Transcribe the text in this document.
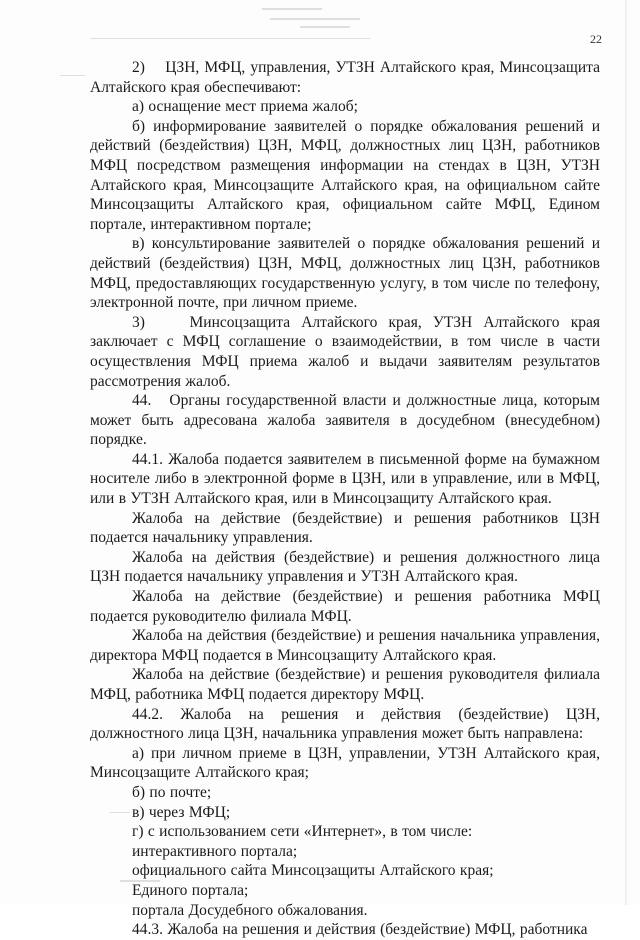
22

2)    ЦЗН, МФЦ, управления, УТЗН Алтайского края, Минсоцзащита Алтайского края обеспечивают:

а) оснащение мест приема жалоб;

б) информирование заявителей о порядке обжалования решений и действий (бездействия) ЦЗН, МФЦ, должностных лиц ЦЗН, работников МФЦ посредством размещения информации на стендах в ЦЗН, УТЗН Алтайского края, Минсоцзащите Алтайского края, на официальном сайте Минсоцзащиты Алтайского края, официальном сайте МФЦ, Едином портале, интерактивном портале;

в) консультирование заявителей о порядке обжалования решений и действий (бездействия) ЦЗН, МФЦ, должностных лиц ЦЗН, работников МФЦ, предоставляющих государственную услугу, в том числе по телефону, электронной почте, при личном приеме.

3)    Минсоцзащита Алтайского края, УТЗН Алтайского края заключает с МФЦ соглашение о взаимодействии, в том числе в части осуществления МФЦ приема жалоб и выдачи заявителям результатов рассмотрения жалоб.

44.   Органы государственной власти и должностные лица, которым может быть адресована жалоба заявителя в досудебном (внесудебном) порядке.

44.1. Жалоба подается заявителем в письменной форме на бумажном носителе либо в электронной форме в ЦЗН, или в управление, или в МФЦ, или в УТЗН Алтайского края, или в Минсоцзащиту Алтайского края.

Жалоба на действие (бездействие) и решения работников ЦЗН подается начальнику управления.

Жалоба на действия (бездействие) и решения должностного лица ЦЗН подается начальнику управления и УТЗН Алтайского края.

Жалоба на действие (бездействие) и решения работника МФЦ подается руководителю филиала МФЦ.

Жалоба на действия (бездействие) и решения начальника управления, директора МФЦ подается в Минсоцзащиту Алтайского края.

Жалоба на действие (бездействие) и решения руководителя филиала МФЦ, работника МФЦ подается директору МФЦ.

44.2. Жалоба на решения и действия (бездействие) ЦЗН, должностного лица ЦЗН, начальника управления может быть направлена:

а) при личном приеме в ЦЗН, управлении, УТЗН Алтайского края, Минсоцзащите Алтайского края;

б) по почте;

в) через МФЦ;

г) с использованием сети «Интернет», в том числе:

интерактивного портала;

официального сайта Минсоцзащиты Алтайского края;

Единого портала;

портала Досудебного обжалования.

44.3. Жалоба на решения и действия (бездействие) МФЦ, работника
